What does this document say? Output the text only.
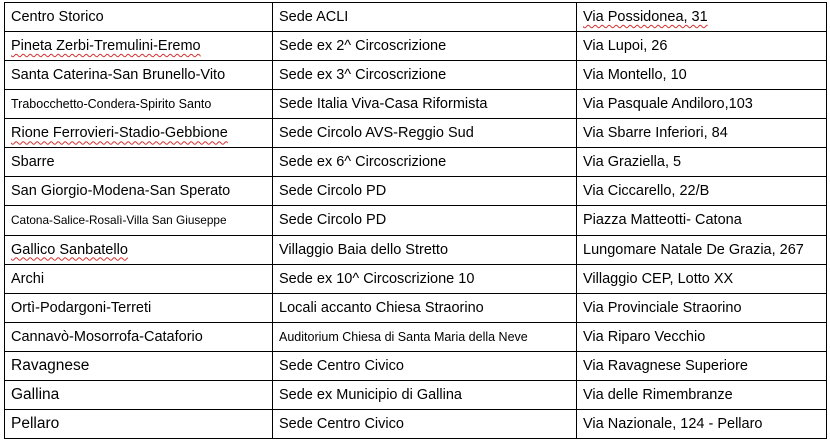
Centro Storico	Sede ACLI	Via Possidonea, 31
Pineta Zerbi-Tremulini-Eremo	Sede ex 2^ Circoscrizione	Via Lupoi, 26
Santa Caterina-San Brunello-Vito	Sede ex 3^ Circoscrizione	Via Montello, 10
Trabocchetto-Condera-Spirito Santo	Sede Italia Viva-Casa Riformista	Via Pasquale Andiloro,103
Rione Ferrovieri-Stadio-Gebbione	Sede Circolo AVS-Reggio Sud	Via Sbarre Inferiori, 84
Sbarre	Sede ex 6^ Circoscrizione	Via Graziella, 5
San Giorgio-Modena-San Sperato	Sede Circolo PD	Via Ciccarello, 22/B
Catona-Salice-Rosalì-Villa San Giuseppe	Sede Circolo PD	Piazza Matteotti- Catona
Gallico Sanbatello	Villaggio Baia dello Stretto	Lungomare Natale De Grazia, 267
Archi	Sede ex 10^ Circoscrizione 10	Villaggio CEP, Lotto XX
Ortì-Podargoni-Terreti	Locali accanto Chiesa Straorino	Via Provinciale Straorino
Cannavò-Mosorrofa-Cataforio	Auditorium Chiesa di Santa Maria della Neve	Via Riparo Vecchio
Ravagnese	Sede Centro Civico	Via Ravagnese Superiore
Gallina	Sede ex Municipio di Gallina	Via delle Rimembranze
Pellaro	Sede Centro Civico	Via Nazionale, 124 - Pellaro
